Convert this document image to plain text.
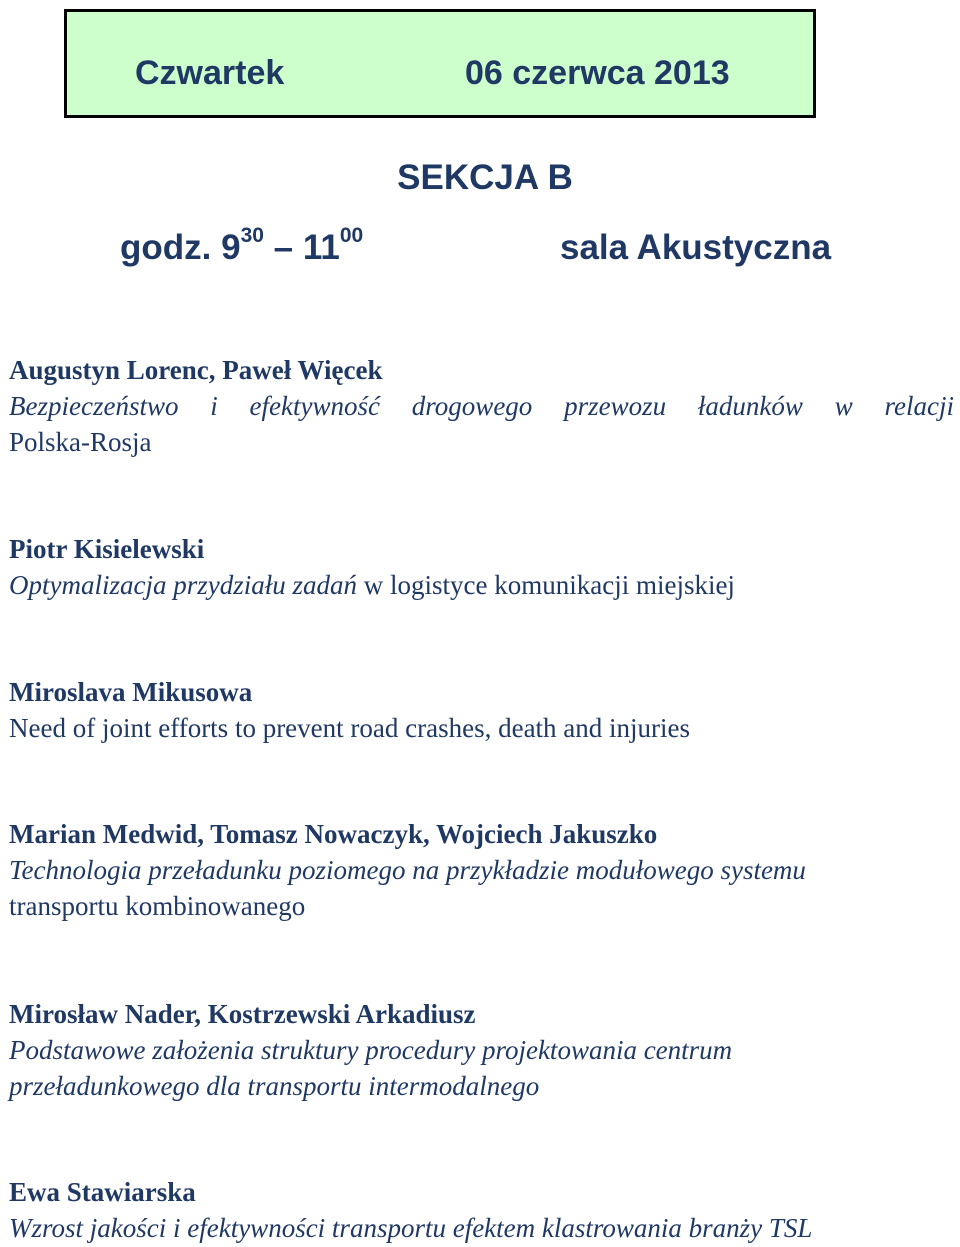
Czwartek	06 czerwca 2013
SEKCJA B
godz. $9^{30} - 11^{00}$	sala Akustyczna
Augustyn Lorenc, Paweł Więcek
Bezpieczeństwo i efektywność drogowego przewozu ładunków w relacji
Polska-Rosja
Piotr Kisielewski
Optymalizacja przydziału zadań w logistyce komunikacji miejskiej
Miroslava Mikusowa
Need of joint efforts to prevent road crashes, death and injuries
Marian Medwid, Tomasz Nowaczyk, Wojciech Jakuszko
Technologia przeładunku poziomego na przykładzie modułowego systemu
transportu kombinowanego
Mirosław Nader, Kostrzewski Arkadiusz
Podstawowe założenia struktury procedury projektowania centrum
przeładunkowego dla transportu intermodalnego
Ewa Stawiarska
Wzrost jakości i efektywności transportu efektem klastrowania branży TSL
